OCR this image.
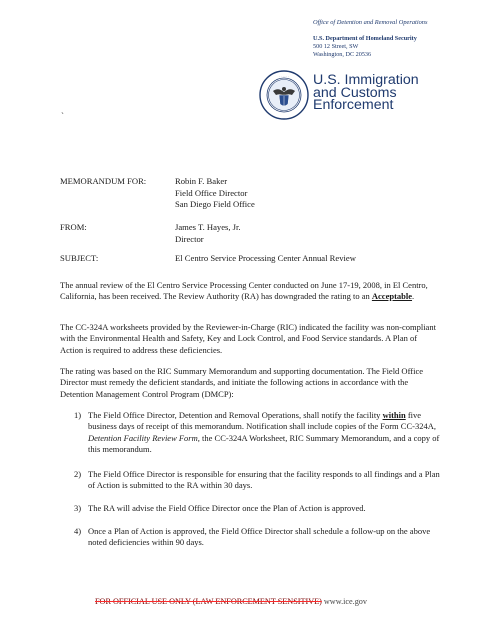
Office of Detention and Removal Operations
U.S. Department of Homeland Security
500 12 Street, SW
Washington, DC 20536
· · · · · · U.S. Immigration
and Customs
Enforcement
`
MEMORANDUM FOR:	Robin F. Baker
Field Office Director
San Diego Field Office
FROM:	James T. Hayes, Jr.
Director
SUBJECT:	El Centro Service Processing Center Annual Review
The annual review of the El Centro Service Processing Center conducted on June 17-19, 2008, in El Centro, California, has been received. The Review Authority (RA) has downgraded the rating to an Acceptable.
The CC-324A worksheets provided by the Reviewer-in-Charge (RIC) indicated the facility was non-compliant with the Environmental Health and Safety, Key and Lock Control, and Food Service standards. A Plan of Action is required to address these deficiencies.
The rating was based on the RIC Summary Memorandum and supporting documentation. The Field Office Director must remedy the deficient standards, and initiate the following actions in accordance with the Detention Management Control Program (DMCP):
1) The Field Office Director, Detention and Removal Operations, shall notify the facility within five business days of receipt of this memorandum. Notification shall include copies of the Form CC-324A, Detention Facility Review Form, the CC-324A Worksheet, RIC Summary Memorandum, and a copy of this memorandum.
2) The Field Office Director is responsible for ensuring that the facility responds to all findings and a Plan of Action is submitted to the RA within 30 days.
3) The RA will advise the Field Office Director once the Plan of Action is approved.
4) Once a Plan of Action is approved, the Field Office Director shall schedule a follow-up on the above noted deficiencies within 90 days.
FOR OFFICIAL USE ONLY (LAW ENFORCEMENT SENSITIVE) www.ice.gov
